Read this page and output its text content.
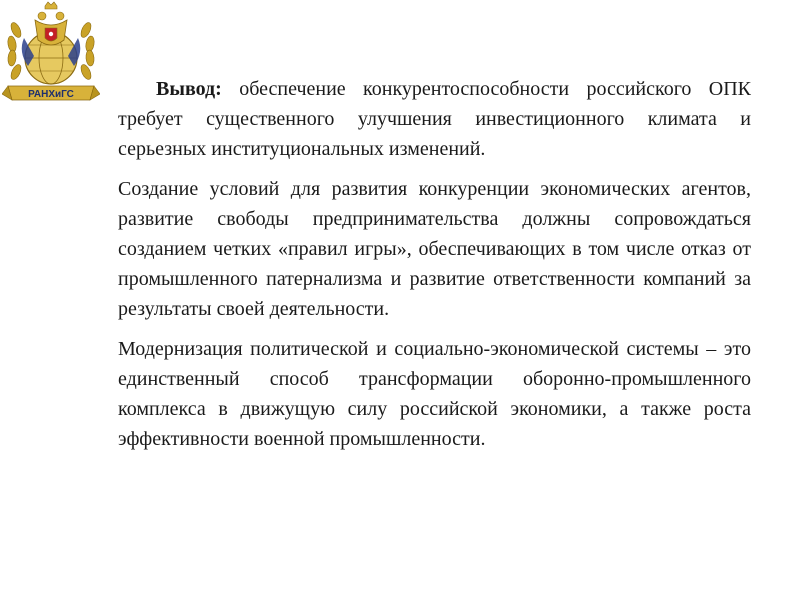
РАНХиГС	Вывод: обеспечение конкурентоспособности российского ОПК требует существенного улучшения инвестиционного климата и серьезных институциональных изменений.

Создание условий для развития конкуренции экономических агентов, развитие свободы предпринимательства должны сопровождаться созданием четких «правил игры», обеспечивающих в том числе отказ от промышленного патернализма и развитие ответственности компаний за результаты своей деятельности.

Модернизация политической и социально-экономической системы – это единственный способ трансформации оборонно-промышленного комплекса в движущую силу российской экономики, а также роста эффективности военной промышленности.
